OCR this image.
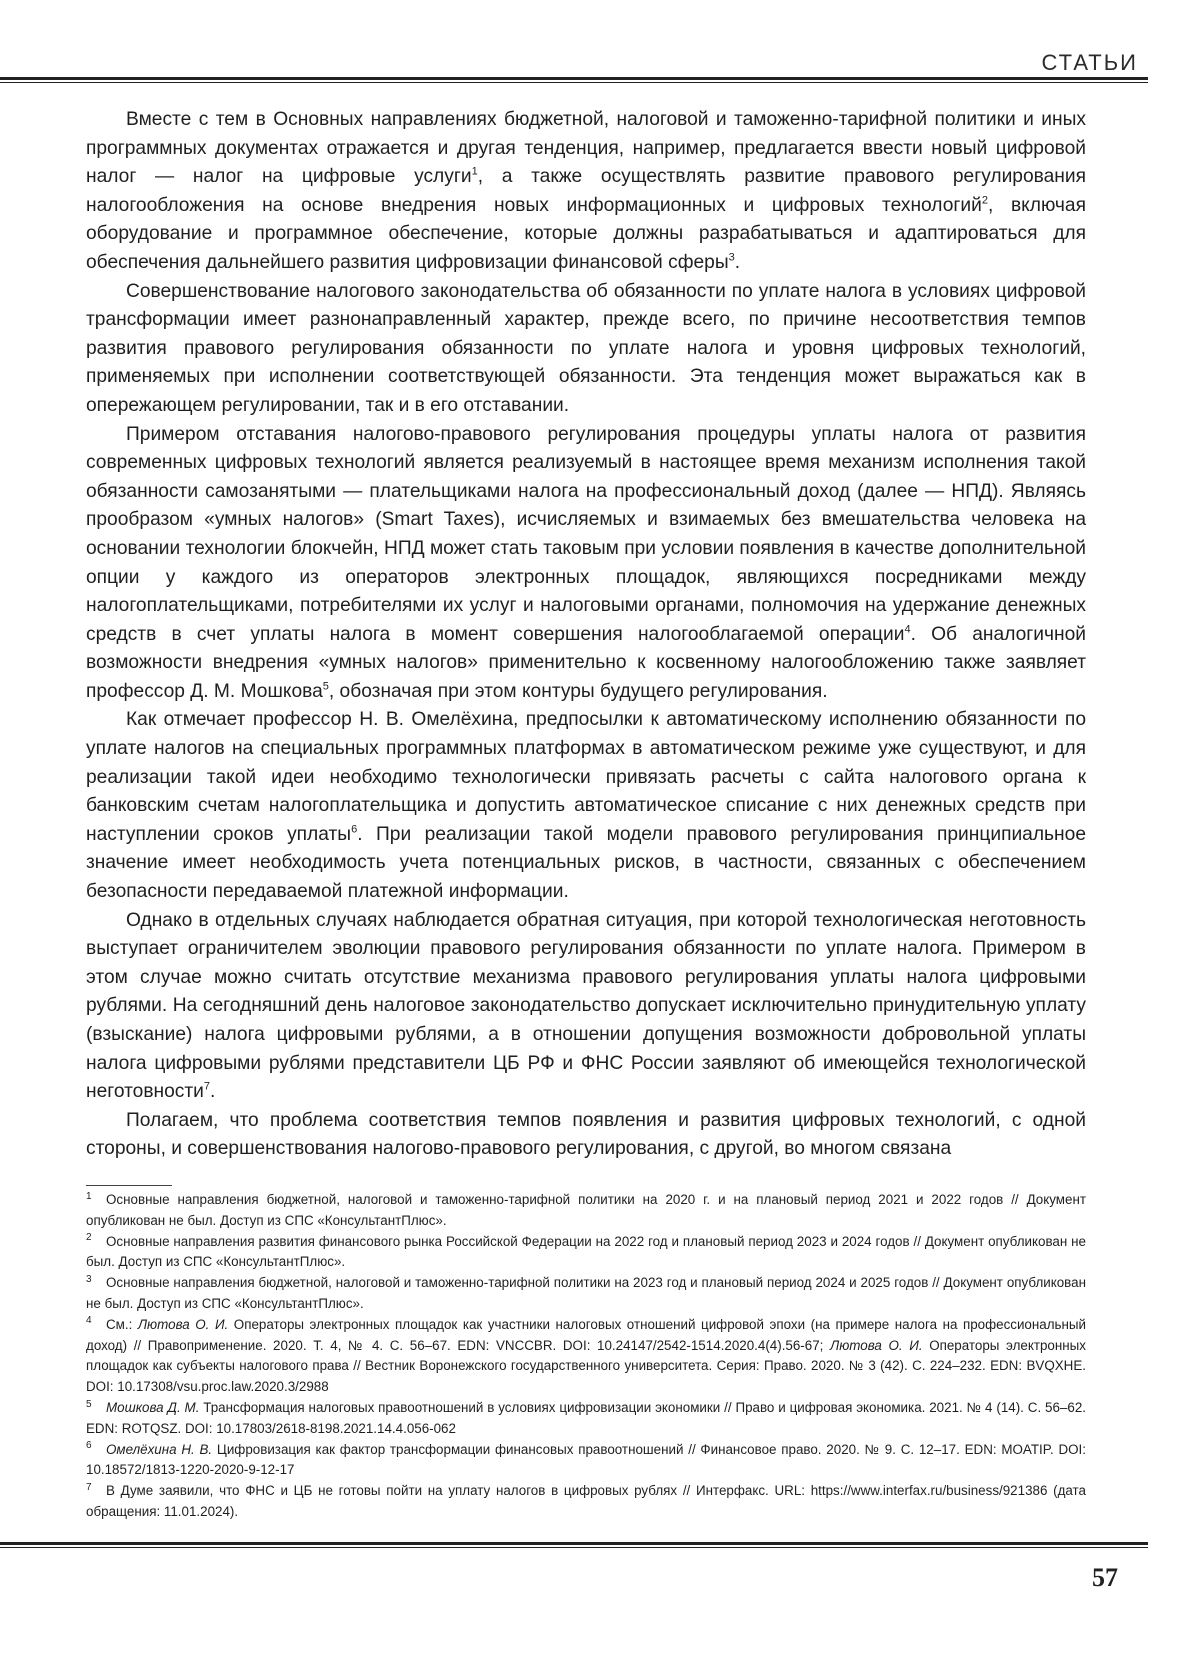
СТАТЬИ

Вместе с тем в Основных направлениях бюджетной, налоговой и таможенно-тарифной политики и иных программных документах отражается и другая тенденция, например, предлагается ввести новый цифровой налог — налог на цифровые услуги$^1$, а также осуществлять развитие правового регулирования налогообложения на основе внедрения новых информационных и цифровых технологий$^2$, включая оборудование и программное обеспечение, которые должны разрабатываться и адаптироваться для обеспечения дальнейшего развития цифровизации финансовой сферы$^3$.

Совершенствование налогового законодательства об обязанности по уплате налога в условиях цифровой трансформации имеет разнонаправленный характер, прежде всего, по причине несоответствия темпов развития правового регулирования обязанности по уплате налога и уровня цифровых технологий, применяемых при исполнении соответствующей обязанности. Эта тенденция может выражаться как в опережающем регулировании, так и в его отставании.

Примером отставания налогово-правового регулирования процедуры уплаты налога от развития современных цифровых технологий является реализуемый в настоящее время механизм исполнения такой обязанности самозанятыми — плательщиками налога на профессиональный доход (далее — НПД). Являясь прообразом «умных налогов» (Smart Taxes), исчисляемых и взимаемых без вмешательства человека на основании технологии блокчейн, НПД может стать таковым при условии появления в качестве дополнительной опции у каждого из операторов электронных площадок, являющихся посредниками между налогоплательщиками, потребителями их услуг и налоговыми органами, полномочия на удержание денежных средств в счет уплаты налога в момент совершения налогооблагаемой операции$^4$. Об аналогичной возможности внедрения «умных налогов» применительно к косвенному налогообложению также заявляет профессор Д. М. Мошкова$^5$, обозначая при этом контуры будущего регулирования.

Как отмечает профессор Н. В. Омелёхина, предпосылки к автоматическому исполнению обязанности по уплате налогов на специальных программных платформах в автоматическом режиме уже существуют, и для реализации такой идеи необходимо технологически привязать расчеты с сайта налогового органа к банковским счетам налогоплательщика и допустить автоматическое списание с них денежных средств при наступлении сроков уплаты$^6$. При реализации такой модели правового регулирования принципиальное значение имеет необходимость учета потенциальных рисков, в частности, связанных с обеспечением безопасности передаваемой платежной информации.

Однако в отдельных случаях наблюдается обратная ситуация, при которой технологическая неготовность выступает ограничителем эволюции правового регулирования обязанности по уплате налога. Примером в этом случае можно считать отсутствие механизма правового регулирования уплаты налога цифровыми рублями. На сегодняшний день налоговое законодательство допускает исключительно принудительную уплату (взыскание) налога цифровыми рублями, а в отношении допущения возможности добровольной уплаты налога цифровыми рублями представители ЦБ РФ и ФНС России заявляют об имеющейся технологической неготовности$^7$.

Полагаем, что проблема соответствия темпов появления и развития цифровых технологий, с одной стороны, и совершенствования налогово-правового регулирования, с другой, во многом связана

1 Основные направления бюджетной, налоговой и таможенно-тарифной политики на 2020 г. и на плановый период 2021 и 2022 годов // Документ опубликован не был. Доступ из СПС «КонсультантПлюс».

2 Основные направления развития финансового рынка Российской Федерации на 2022 год и плановый период 2023 и 2024 годов // Документ опубликован не был. Доступ из СПС «КонсультантПлюс».

3 Основные направления бюджетной, налоговой и таможенно-тарифной политики на 2023 год и плановый период 2024 и 2025 годов // Документ опубликован не был. Доступ из СПС «КонсультантПлюс».

4 См.: Лютова О. И. Операторы электронных площадок как участники налоговых отношений цифровой эпохи (на примере налога на профессиональный доход) // Правоприменение. 2020. Т. 4, № 4. С. 56–67. EDN: VNCCBR. DOI: 10.24147/2542-1514.2020.4(4).56-67; Лютова О. И. Операторы электронных площадок как субъекты налогового права // Вестник Воронежского государственного университета. Серия: Право. 2020. № 3 (42). С. 224–232. EDN: BVQXHE. DOI: 10.17308/vsu.proc.law.2020.3/2988

5 Мошкова Д. М. Трансформация налоговых правоотношений в условиях цифровизации экономики // Право и цифровая экономика. 2021. № 4 (14). С. 56–62. EDN: ROTQSZ. DOI: 10.17803/2618-8198.2021.14.4.056-062

6 Омелёхина Н. В. Цифровизация как фактор трансформации финансовых правоотношений // Финансовое право. 2020. № 9. С. 12–17. EDN: MOATIP. DOI: 10.18572/1813-1220-2020-9-12-17

7 В Думе заявили, что ФНС и ЦБ не готовы пойти на уплату налогов в цифровых рублях // Интерфакс. URL: https://www.interfax.ru/business/921386 (дата обращения: 11.01.2024).

57
